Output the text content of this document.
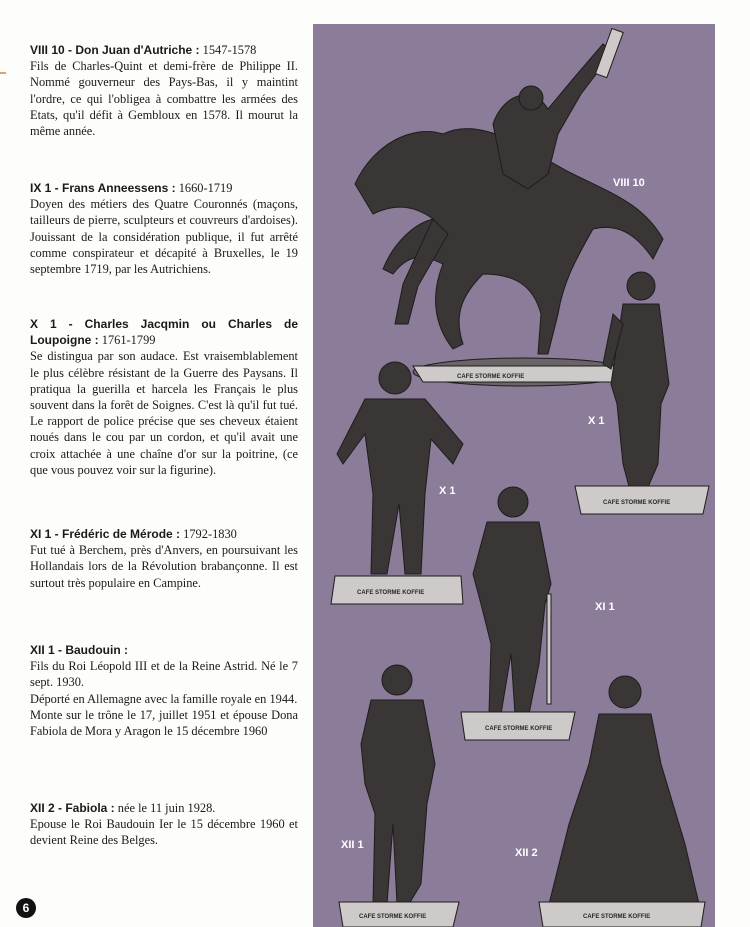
VIII 10 - Don Juan d'Autriche : 1547-1578

Fils de Charles-Quint et demi-frère de Philippe II. Nommé gouverneur des Pays-Bas, il y maintint l'ordre, ce qui l'obligea à combattre les armées des Etats, qu'il défit à Gembloux en 1578. Il mourut la même année.

IX 1 - Frans Anneessens : 1660-1719

Doyen des métiers des Quatre Couronnés (maçons, tailleurs de pierre, sculpteurs et couvreurs d'ardoises). Jouissant de la considération publique, il fut arrêté comme conspirateur et décapité à Bruxelles, le 19 septembre 1719, par les Autrichiens.

X 1 - Charles Jacqmin ou Charles de Loupoigne : 1761-1799

Se distingua par son audace. Est vraisemblablement le plus célèbre résistant de la Guerre des Paysans. Il pratiqua la guerilla et harcela les Français le plus souvent dans la forêt de Soignes. C'est là qu'il fut tué. Le rapport de police précise que ses cheveux étaient noués dans le cou par un cordon, et qu'il avait une croix attachée à une chaîne d'or sur la poitrine, (ce que vous pouvez voir sur la figurine).

XI 1 - Frédéric de Mérode : 1792-1830

Fut tué à Berchem, près d'Anvers, en poursuivant les Hollandais lors de la Révolution brabançonne. Il est surtout très populaire en Campine.

XII 1 - Baudouin :

Fils du Roi Léopold III et de la Reine Astrid. Né le 7 sept. 1930.

Déporté en Allemagne avec la famille royale en 1944.

Monte sur le trône le 17, juillet 1951 et épouse Dona Fabiola de Mora y Aragon le 15 décembre 1960

XII 2 - Fabiola : née le 11 juin 1928.

Epouse le Roi Baudouin Ier le 15 décembre 1960 et devient Reine des Belges.

VIII 10
X 1
X 1
XI 1
XII 1
XII 2
CAFE STORME KOFFIE
CAFE STORME KOFFIE
CAFE STORME KOFFIE
CAFE STORME KOFFIE
CAFE STORME KOFFIE	CAFE STORME KOFFIE
6
